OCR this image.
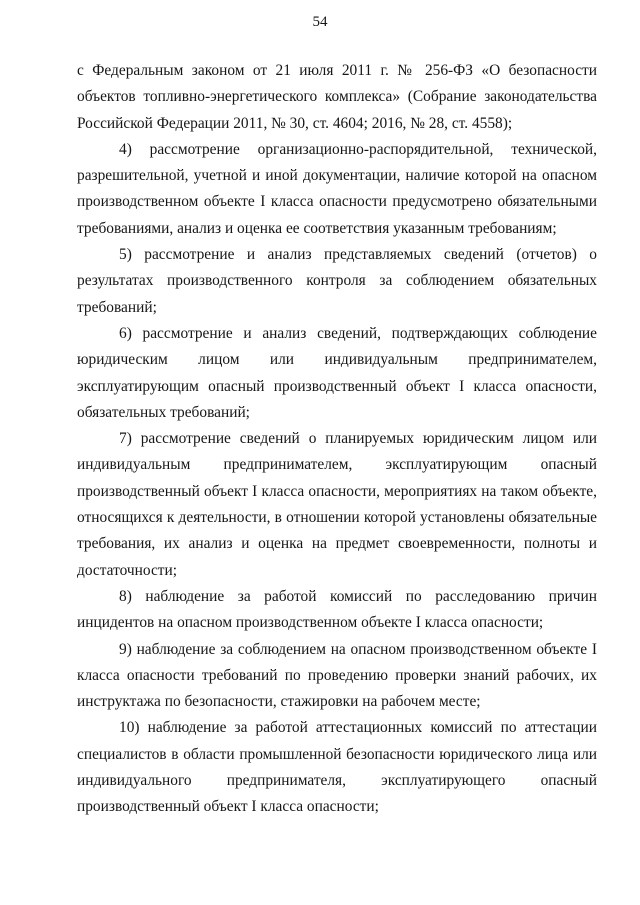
54

с Федеральным законом от 21 июля 2011 г. № 256-ФЗ «О безопасности объектов топливно-энергетического комплекса» (Собрание законодательства Российской Федерации 2011, № 30, ст. 4604; 2016, № 28, ст. 4558);

4) рассмотрение организационно-распорядительной, технической, разрешительной, учетной и иной документации, наличие которой на опасном производственном объекте I класса опасности предусмотрено обязательными требованиями, анализ и оценка ее соответствия указанным требованиям;

5) рассмотрение и анализ представляемых сведений (отчетов) о результатах производственного контроля за соблюдением обязательных требований;

6) рассмотрение и анализ сведений, подтверждающих соблюдение юридическим лицом или индивидуальным предпринимателем, эксплуатирующим опасный производственный объект I класса опасности, обязательных требований;

7) рассмотрение сведений о планируемых юридическим лицом или индивидуальным предпринимателем, эксплуатирующим опасный производственный объект I класса опасности, мероприятиях на таком объекте, относящихся к деятельности, в отношении которой установлены обязательные требования, их анализ и оценка на предмет своевременности, полноты и достаточности;

8) наблюдение за работой комиссий по расследованию причин инцидентов на опасном производственном объекте I класса опасности;

9) наблюдение за соблюдением на опасном производственном объекте I класса опасности требований по проведению проверки знаний рабочих, их инструктажа по безопасности, стажировки на рабочем месте;

10) наблюдение за работой аттестационных комиссий по аттестации специалистов в области промышленной безопасности юридического лица или индивидуального предпринимателя, эксплуатирующего опасный производственный объект I класса опасности;
